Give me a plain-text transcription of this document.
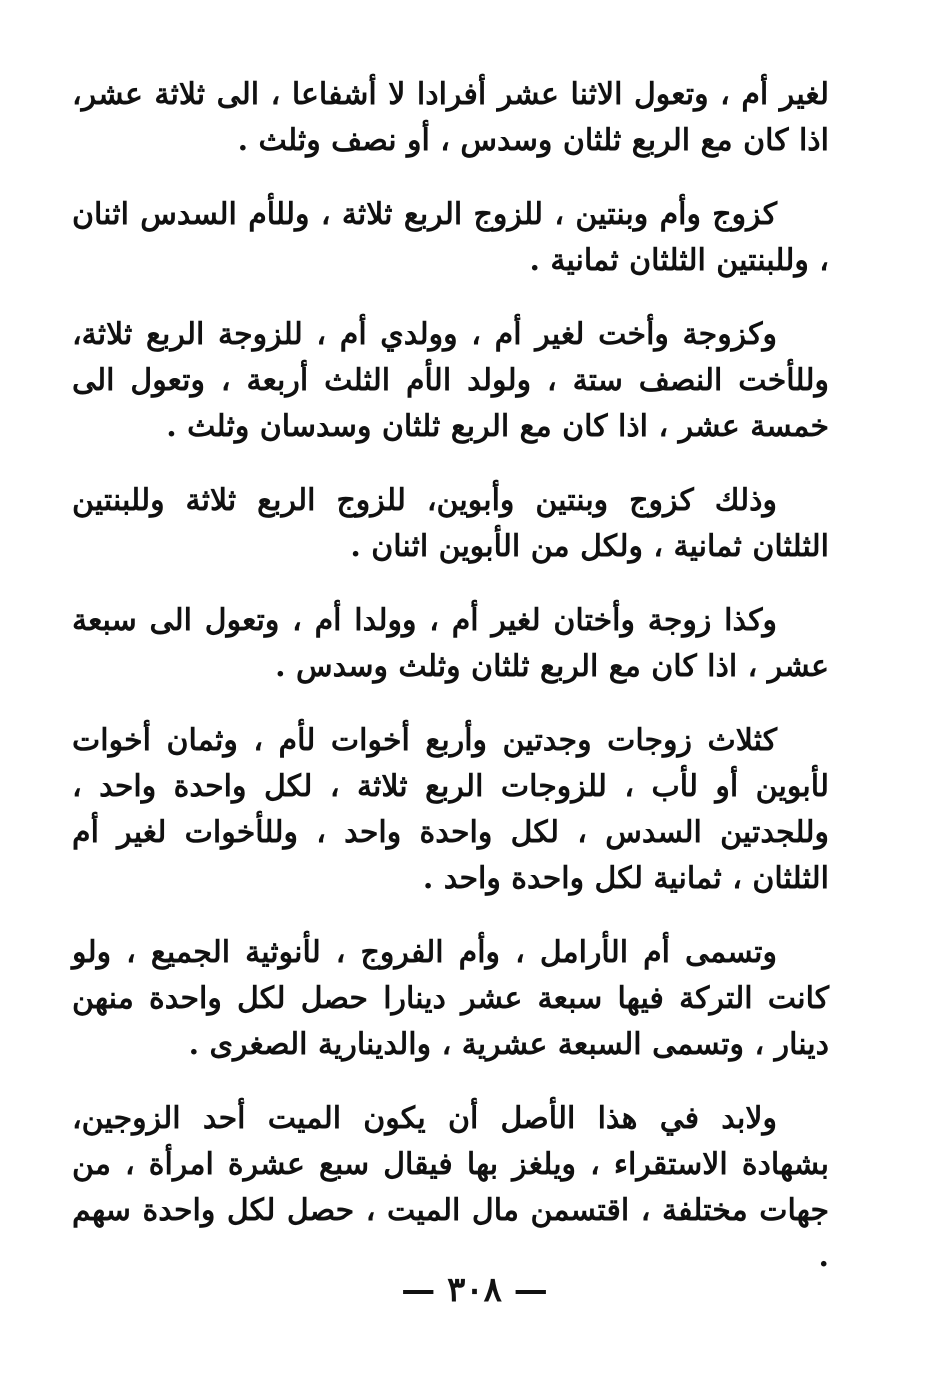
لغير أم ، وتعول الاثنا عشر أفرادا لا أشفاعا ، الى ثلاثة عشر، اذا كان مع الربع ثلثان وسدس ، أو نصف وثلث .

كزوج وأم وبنتين ، للزوج الربع ثلاثة ، وللأم السدس اثنان ، وللبنتين الثلثان ثمانية .

وكزوجة وأخت لغير أم ، وولدي أم ، للزوجة الربع ثلاثة، وللأخت النصف ستة ، ولولد الأم الثلث أربعة ، وتعول الى خمسة عشر ، اذا كان مع الربع ثلثان وسدسان وثلث .

وذلك كزوج وبنتين وأبوين، للزوج الربع ثلاثة وللبنتين الثلثان ثمانية ، ولكل من الأبوين اثنان .

وكذا زوجة وأختان لغير أم ، وولدا أم ، وتعول الى سبعة عشر ، اذا كان مع الربع ثلثان وثلث وسدس .

كثلاث زوجات وجدتين وأربع أخوات لأم ، وثمان أخوات لأبوين أو لأب ، للزوجات الربع ثلاثة ، لكل واحدة واحد ، وللجدتين السدس ، لكل واحدة واحد ، وللأخوات لغير أم الثلثان ، ثمانية لكل واحدة واحد .

وتسمى أم الأرامل ، وأم الفروج ، لأنوثية الجميع ، ولو كانت التركة فيها سبعة عشر دينارا حصل لكل واحدة منهن دينار ، وتسمى السبعة عشرية ، والدينارية الصغرى .

ولابد في هذا الأصل أن يكون الميت أحد الزوجين، بشهادة الاستقراء ، ويلغز بها فيقال سبع عشرة امرأة ، من جهات مختلفة ، اقتسمن مال الميت ، حصل لكل واحدة سهم .

— ٣٠٨ —
